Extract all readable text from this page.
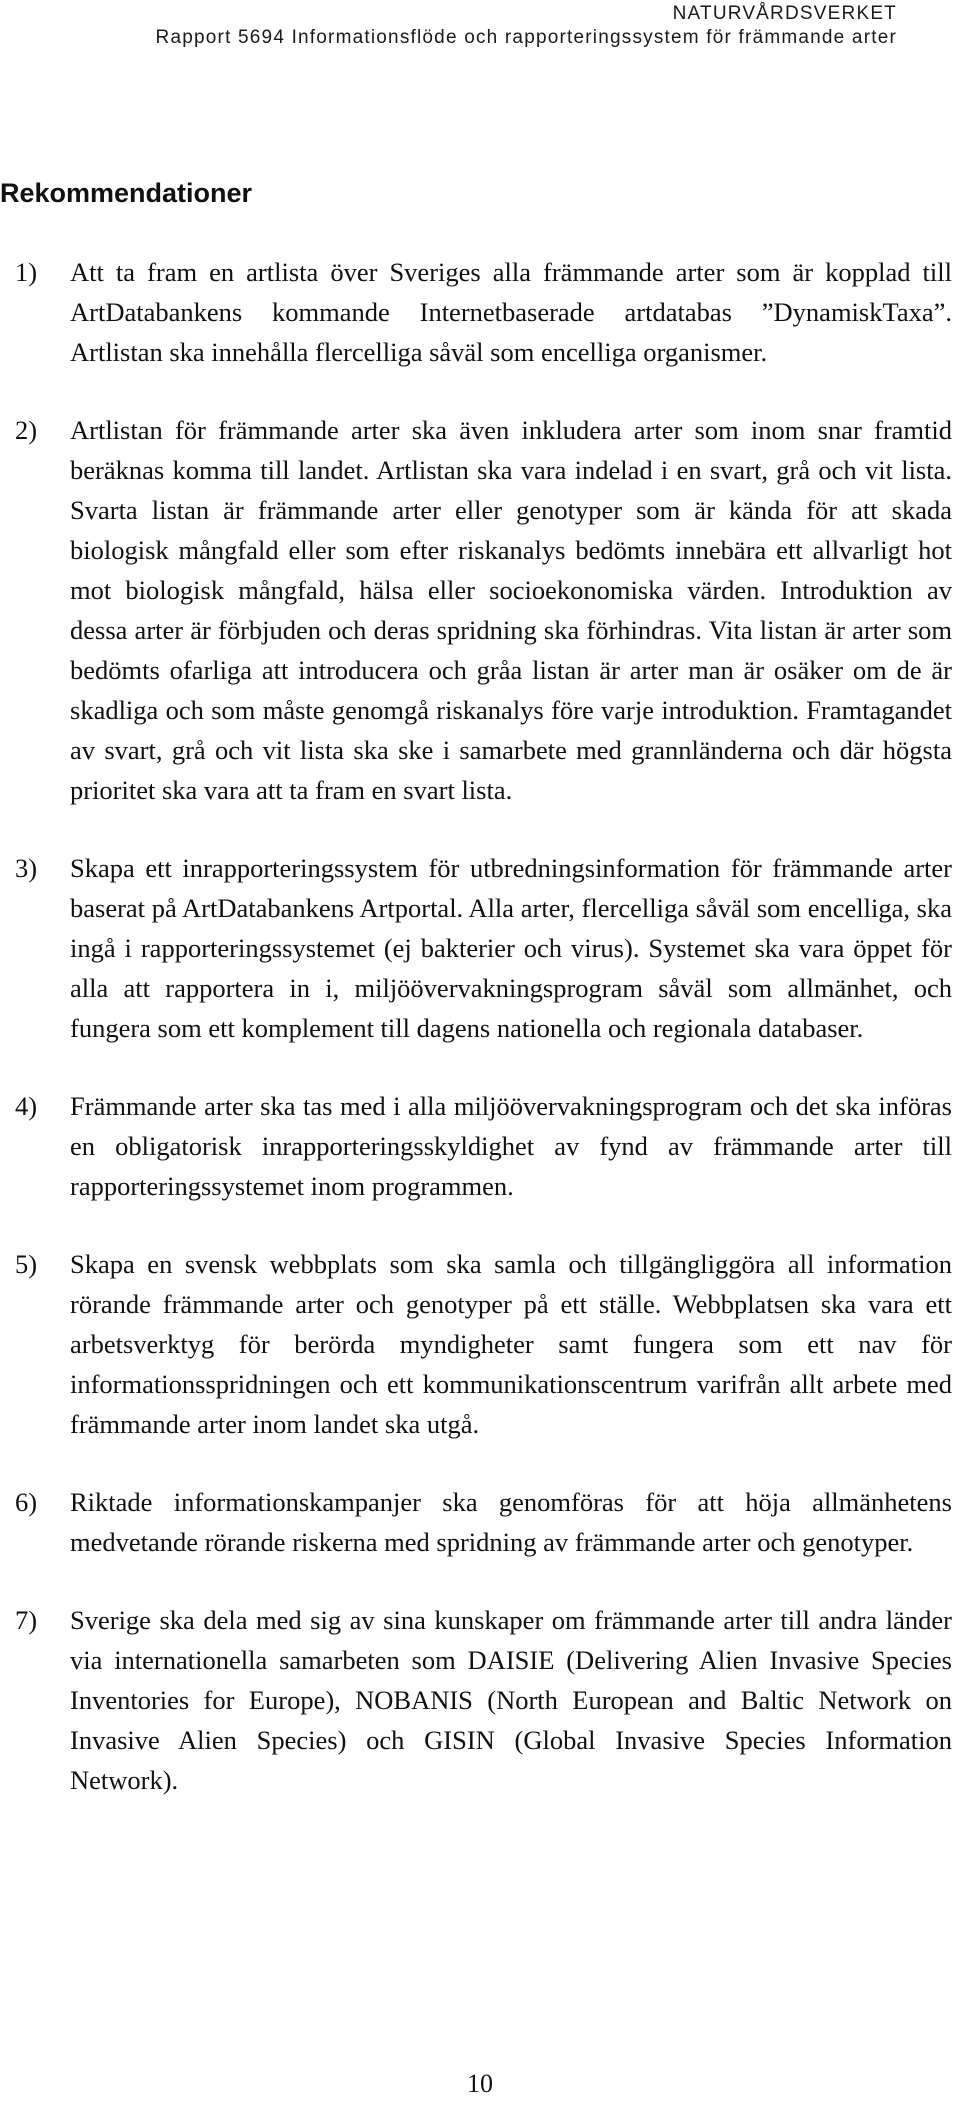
NATURVÅRDSVERKET
Rapport 5694 Informationsflöde och rapporteringssystem för främmande arter
Rekommendationer
1)	Att ta fram en artlista över Sveriges alla främmande arter som är kopplad till ArtDatabankens kommande Internetbaserade artdatabas ”DynamiskTaxa”. Artlistan ska innehålla flercelliga såväl som encelliga organismer.
2)	Artlistan för främmande arter ska även inkludera arter som inom snar framtid beräknas komma till landet. Artlistan ska vara indelad i en svart, grå och vit lista. Svarta listan är främmande arter eller genotyper som är kända för att skada biologisk mångfald eller som efter riskanalys bedömts innebära ett allvarligt hot mot biologisk mångfald, hälsa eller socioekonomiska värden. Introduktion av dessa arter är förbjuden och deras spridning ska förhindras. Vita listan är arter som bedömts ofarliga att introducera och gråa listan är arter man är osäker om de är skadliga och som måste genomgå riskanalys före varje introduktion. Framtagandet av svart, grå och vit lista ska ske i samarbete med grannländerna och där högsta prioritet ska vara att ta fram en svart lista.
3)	Skapa ett inrapporteringssystem för utbredningsinformation för främmande arter baserat på ArtDatabankens Artportal. Alla arter, flercelliga såväl som encelliga, ska ingå i rapporteringssystemet (ej bakterier och virus). Systemet ska vara öppet för alla att rapportera in i, miljöövervakningsprogram såväl som allmänhet, och fungera som ett komplement till dagens nationella och regionala databaser.
4)	Främmande arter ska tas med i alla miljöövervakningsprogram och det ska införas en obligatorisk inrapporteringsskyldighet av fynd av främmande arter till rapporteringssystemet inom programmen.
5)	Skapa en svensk webbplats som ska samla och tillgängliggöra all information rörande främmande arter och genotyper på ett ställe. Webbplatsen ska vara ett arbetsverktyg för berörda myndigheter samt fungera som ett nav för informationsspridningen och ett kommunikationscentrum varifrån allt arbete med främmande arter inom landet ska utgå.
6)	Riktade informationskampanjer ska genomföras för att höja allmänhetens medvetande rörande riskerna med spridning av främmande arter och genotyper.
7)	Sverige ska dela med sig av sina kunskaper om främmande arter till andra länder via internationella samarbeten som DAISIE (Delivering Alien Invasive Species Inventories for Europe), NOBANIS (North European and Baltic Network on Invasive Alien Species) och GISIN (Global Invasive Species Information Network).
10
